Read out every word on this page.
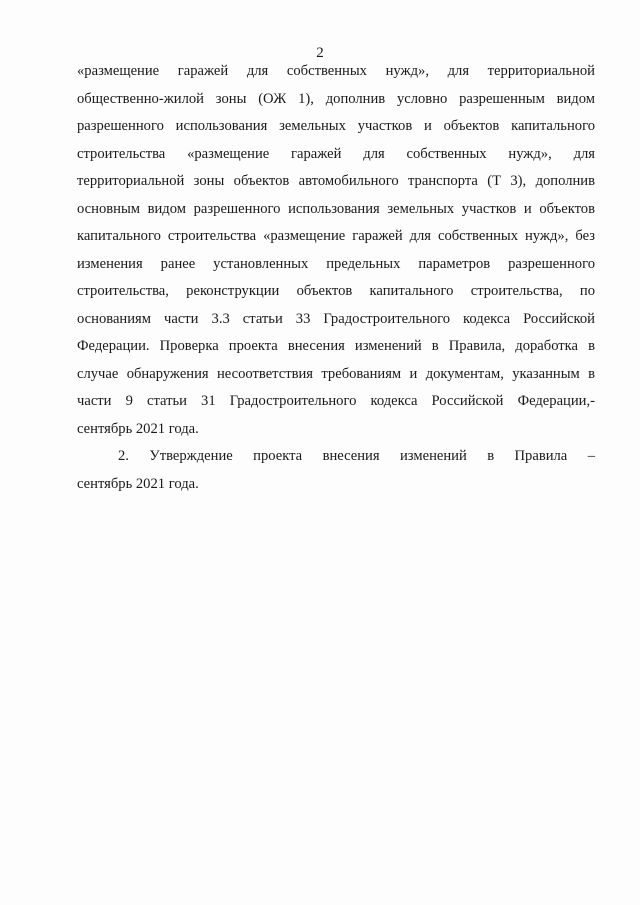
2

«размещение гаражей для собственных нужд», для территориальной
общественно-жилой зоны (ОЖ 1), дополнив условно разрешенным видом
разрешенного использования земельных участков и объектов капитального
строительства «размещение гаражей для собственных нужд», для
территориальной зоны объектов автомобильного транспорта (Т 3), дополнив
основным видом разрешенного использования земельных участков и объектов
капитального строительства «размещение гаражей для собственных нужд», без
изменения ранее установленных предельных параметров разрешенного
строительства, реконструкции объектов капитального строительства, по
основаниям части 3.3 статьи 33 Градостроительного кодекса Российской
Федерации. Проверка проекта внесения изменений в Правила, доработка в
случае обнаружения несоответствия требованиям и документам, указанным в
части 9 статьи 31 Градостроительного кодекса Российской Федерации,-
сентябрь 2021 года.

2. Утверждение проекта внесения изменений в Правила –
сентябрь 2021 года.
